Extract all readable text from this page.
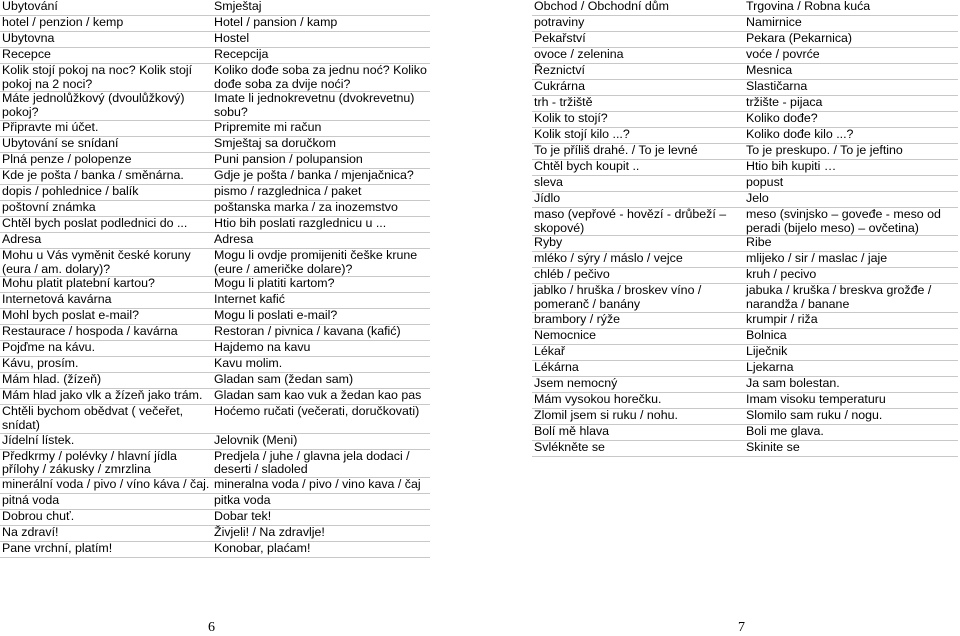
Ubytování	Smještaj
hotel / penzion / kemp	Hotel / pansion / kamp
Ubytovna	Hostel
Recepce	Recepcija
Kolik stojí pokoj na noc? Kolik stojí pokoj na 2 noci?	Koliko dođe soba za jednu noć? Koliko dođe soba za dvije noći?
Máte jednolůžkový (dvoulůžkový) pokoj?	Imate li jednokrevetnu (dvokrevetnu) sobu?
Připravte mi účet.	Pripremite mi račun
Ubytování se snídaní	Smještaj sa doručkom
Plná penze / polopenze	Puni pansion / polupansion
Kde je pošta / banka / směnárna.	Gdje je pošta / banka / mjenjačnica?
dopis / pohlednice / balík	pismo / razglednica / paket
poštovní známka	poštanska marka / za inozemstvo
Chtěl bych poslat podlednici do ...	Htio bih poslati razglednicu u ...
Adresa	Adresa
Mohu u Vás vyměnit české koruny (eura / am. dolary)?	Mogu li ovdje promijeniti češke krune (eure / američke dolare)?
Mohu platit platební kartou?	Mogu li platiti kartom?
Internetová kavárna	Internet kafić
Mohl bych poslat e-mail?	Mogu li poslati e-mail?
Restaurace / hospoda / kavárna	Restoran / pivnica / kavana (kafić)
Pojďme na kávu.	Hajdemo na kavu
Kávu, prosím.	Kavu molim.
Mám hlad. (žízeň)	Gladan sam (žedan sam)
Mám hlad jako vlk a žízeň jako trám.	Gladan sam kao vuk a žedan kao pas
Chtěli bychom obědvat ( večeřet, snídat)	Hoćemo ručati (večerati, doručkovati)
Jídelní lístek.	Jelovnik (Meni)
Předkrmy / polévky / hlavní jídla přílohy / zákusky / zmrzlina	Predjela / juhe / glavna jela dodaci / deserti / sladoled
minerální voda / pivo / víno káva / čaj.	mineralna voda / pivo / vino kava / čaj
pitná voda	pitka voda
Dobrou chuť.	Dobar tek!
Na zdraví!	Živjeli! / Na zdravlje!
Pane vrchní, platím!	Konobar, plaćam!
Obchod / Obchodní dům	Trgovina / Robna kuća
potraviny	Namirnice
Pekařství	Pekara (Pekarnica)
ovoce / zelenina	voće / povrće
Řeznictví	Mesnica
Cukrárna	Slastičarna
trh - tržiště	tržište - pijaca
Kolik to stojí?	Koliko dođe?
Kolik stojí kilo ...?	Koliko dođe kilo ...?
To je příliš drahé. / To je levné	To je preskupo. / To je jeftino
Chtěl bych koupit ..	Htio bih kupiti …
sleva	popust
Jídlo	Jelo
maso (vepřové - hovězí - drůbeží – skopové)	meso (svinjsko – goveđe - meso od peradi (bijelo meso) – ovčetina)
Ryby	Ribe
mléko / sýry / máslo / vejce	mlijeko / sir / maslac / jaje
chléb / pečivo	kruh / pecivo
jablko / hruška / broskev víno / pomeranč / banány	jabuka / kruška / breskva grožđe / narandža / banane
brambory / rýže	krumpir / riža
Nemocnice	Bolnica
Lékař	Liječnik
Lékárna	Ljekarna
Jsem nemocný	Ja sam bolestan.
Mám vysokou horečku.	Imam visoku temperaturu
Zlomil jsem si ruku / nohu.	Slomilo sam ruku / nogu.
Bolí mě hlava	Boli me glava.
Svlékněte se	Skinite se
6	7
